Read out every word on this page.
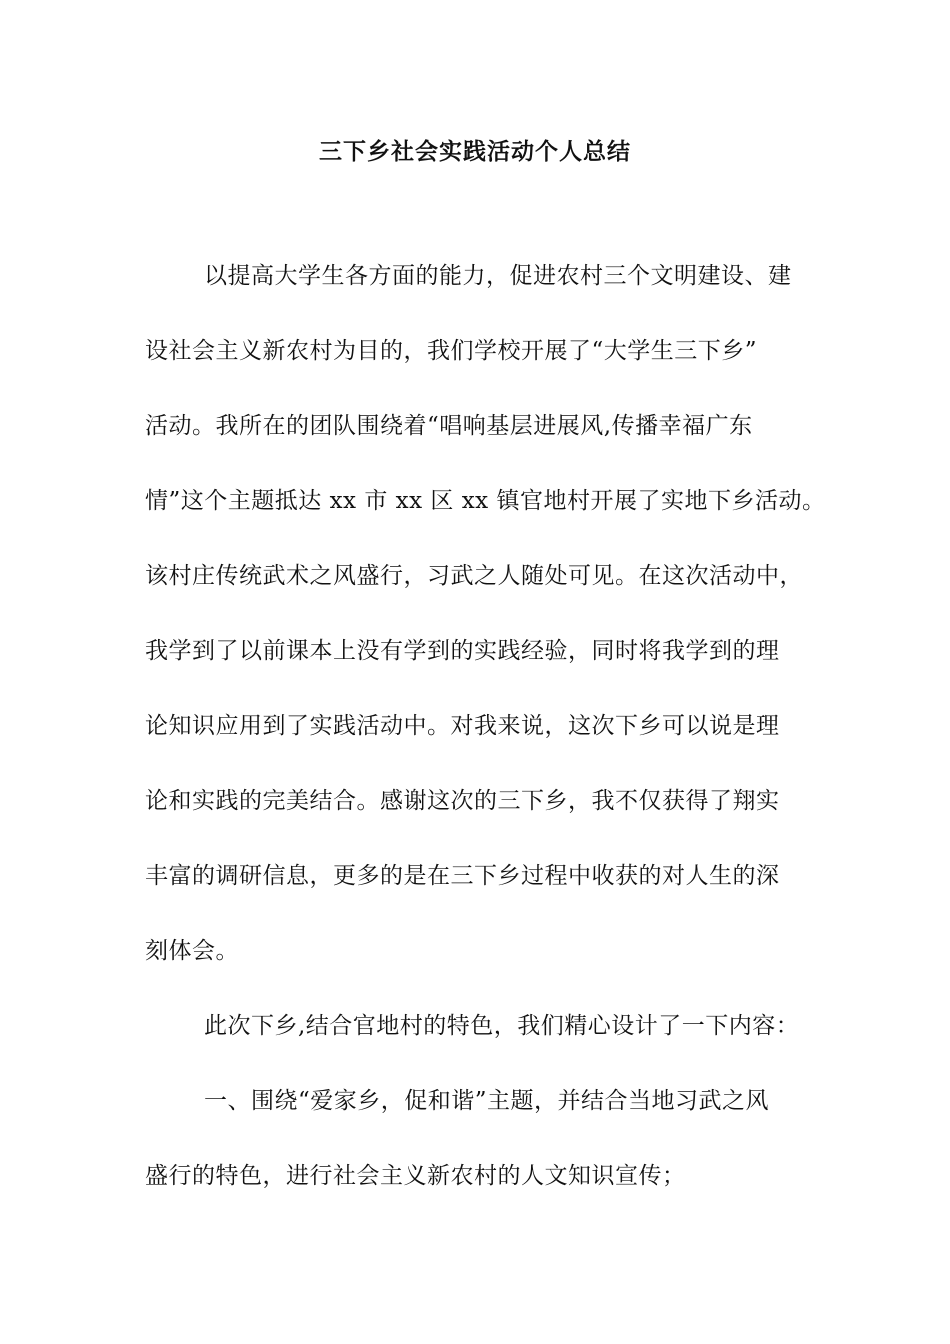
三下乡社会实践活动个人总结
以提高大学生各方面的能力，促进农村三个文明建设、建
设社会主义新农村为目的，我们学校开展了“大学生三下乡”
活动。我所在的团队围绕着“唱响基层进展风,传播幸福广东
情”这个主题抵达 xx 市 xx 区 xx 镇官地村开展了实地下乡活动。
该村庄传统武术之风盛行，习武之人随处可见。在这次活动中，
我学到了以前课本上没有学到的实践经验，同时将我学到的理
论知识应用到了实践活动中。对我来说，这次下乡可以说是理
论和实践的完美结合。感谢这次的三下乡，我不仅获得了翔实
丰富的调研信息，更多的是在三下乡过程中收获的对人生的深
刻体会。
此次下乡,结合官地村的特色，我们精心设计了一下内容：
一、围绕“爱家乡，促和谐”主题，并结合当地习武之风
盛行的特色，进行社会主义新农村的人文知识宣传；
